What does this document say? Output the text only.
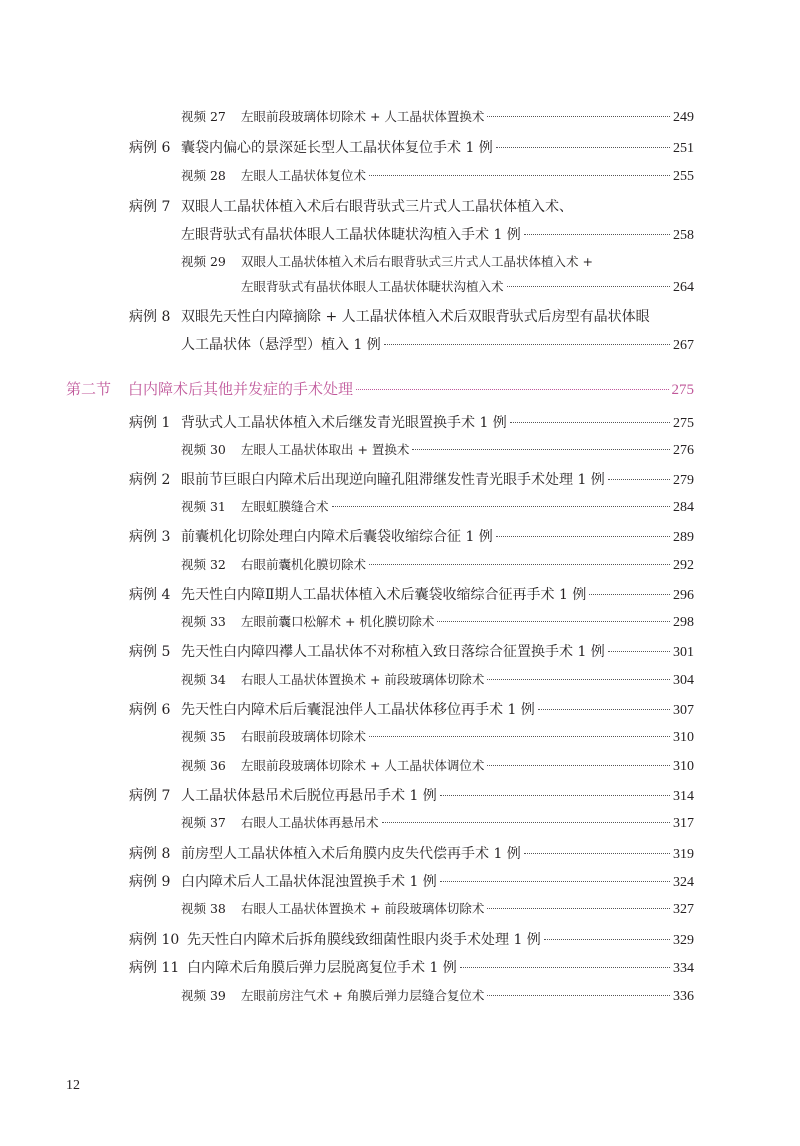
视频 27	左眼前段玻璃体切除术 + 人工晶状体置换术	249
病例 6 囊袋内偏心的景深延长型人工晶状体复位手术 1 例	251
视频 28	左眼人工晶状体复位术	255
病例 7 双眼人工晶状体植入术后右眼背驮式三片式人工晶状体植入术、
左眼背驮式有晶状体眼人工晶状体睫状沟植入手术 1 例	258
视频 29	双眼人工晶状体植入术后右眼背驮式三片式人工晶状体植入术 +
左眼背驮式有晶状体眼人工晶状体睫状沟植入术	264
病例 8 双眼先天性白内障摘除 + 人工晶状体植入术后双眼背驮式后房型有晶状体眼
人工晶状体（悬浮型）植入 1 例	267
第二节	白内障术后其他并发症的手术处理	275
病例 1 背驮式人工晶状体植入术后继发青光眼置换手术 1 例	275
视频 30	左眼人工晶状体取出 + 置换术	276
病例 2 眼前节巨眼白内障术后出现逆向瞳孔阻滞继发性青光眼手术处理 1 例	279
视频 31	左眼虹膜缝合术	284
病例 3 前囊机化切除处理白内障术后囊袋收缩综合征 1 例	289
视频 32	右眼前囊机化膜切除术	292
病例 4 先天性白内障Ⅱ期人工晶状体植入术后囊袋收缩综合征再手术 1 例	296
视频 33	左眼前囊口松解术 + 机化膜切除术	298
病例 5 先天性白内障四襻人工晶状体不对称植入致日落综合征置换手术 1 例	301
视频 34	右眼人工晶状体置换术 + 前段玻璃体切除术	304
病例 6 先天性白内障术后后囊混浊伴人工晶状体移位再手术 1 例	307
视频 35	右眼前段玻璃体切除术	310
视频 36	左眼前段玻璃体切除术 + 人工晶状体调位术	310
病例 7 人工晶状体悬吊术后脱位再悬吊手术 1 例	314
视频 37	右眼人工晶状体再悬吊术	317
病例 8 前房型人工晶状体植入术后角膜内皮失代偿再手术 1 例	319
病例 9 白内障术后人工晶状体混浊置换手术 1 例	324
视频 38	右眼人工晶状体置换术 + 前段玻璃体切除术	327
病例 10 先天性白内障术后拆角膜线致细菌性眼内炎手术处理 1 例	329
病例 11 白内障术后角膜后弹力层脱离复位手术 1 例	334
视频 39	左眼前房注气术 + 角膜后弹力层缝合复位术	336
12
